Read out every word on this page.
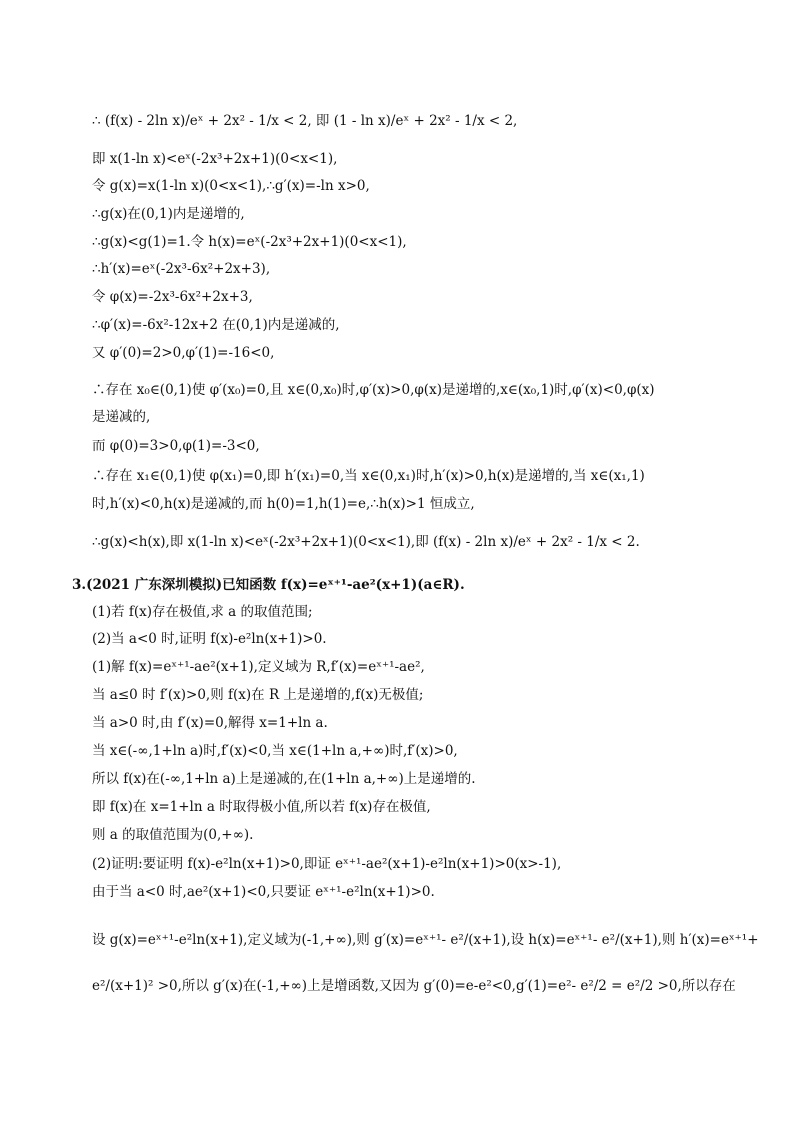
∴ (f(x) - 2ln x)/eˣ + 2x² - 1/x < 2, 即 (1 - ln x)/eˣ + 2x² - 1/x < 2,
即 x(1-ln x)<eˣ(-2x³+2x+1)(0<x<1),
令 g(x)=x(1-ln x)(0<x<1),∴g′(x)=-ln x>0,
∴g(x)在(0,1)内是递增的,
∴g(x)<g(1)=1.令 h(x)=eˣ(-2x³+2x+1)(0<x<1),
∴h′(x)=eˣ(-2x³-6x²+2x+3),
令 φ(x)=-2x³-6x²+2x+3,
∴φ′(x)=-6x²-12x+2 在(0,1)内是递减的,
又 φ′(0)=2>0,φ′(1)=-16<0,
∴存在 x₀∈(0,1)使 φ′(x₀)=0,且 x∈(0,x₀)时,φ′(x)>0,φ(x)是递增的,x∈(x₀,1)时,φ′(x)<0,φ(x)
是递减的,
而 φ(0)=3>0,φ(1)=-3<0,
∴存在 x₁∈(0,1)使 φ(x₁)=0,即 h′(x₁)=0,当 x∈(0,x₁)时,h′(x)>0,h(x)是递增的,当 x∈(x₁,1)
时,h′(x)<0,h(x)是递减的,而 h(0)=1,h(1)=e,∴h(x)>1 恒成立,
∴g(x)<h(x),即 x(1-ln x)<eˣ(-2x³+2x+1)(0<x<1),即 (f(x) - 2ln x)/eˣ + 2x² - 1/x < 2.
3.(2021 广东深圳模拟)已知函数 f(x)=eˣ⁺¹-ae²(x+1)(a∈R).
(1)若 f(x)存在极值,求 a 的取值范围;
(2)当 a<0 时,证明 f(x)-e²ln(x+1)>0.
(1)解 f(x)=eˣ⁺¹-ae²(x+1),定义域为 R,f′(x)=eˣ⁺¹-ae²,
当 a≤0 时 f′(x)>0,则 f(x)在 R 上是递增的,f(x)无极值;
当 a>0 时,由 f′(x)=0,解得 x=1+ln a.
当 x∈(-∞,1+ln a)时,f′(x)<0,当 x∈(1+ln a,+∞)时,f′(x)>0,
所以 f(x)在(-∞,1+ln a)上是递减的,在(1+ln a,+∞)上是递增的.
即 f(x)在 x=1+ln a 时取得极小值,所以若 f(x)存在极值,
则 a 的取值范围为(0,+∞).
(2)证明:要证明 f(x)-e²ln(x+1)>0,即证 eˣ⁺¹-ae²(x+1)-e²ln(x+1)>0(x>-1),
由于当 a<0 时,ae²(x+1)<0,只要证 eˣ⁺¹-e²ln(x+1)>0.
设 g(x)=eˣ⁺¹-e²ln(x+1),定义域为(-1,+∞),则 g′(x)=eˣ⁺¹- e²/(x+1),设 h(x)=eˣ⁺¹- e²/(x+1),则 h′(x)=eˣ⁺¹+
e²/(x+1)² >0,所以 g′(x)在(-1,+∞)上是增函数,又因为 g′(0)=e-e²<0,g′(1)=e²- e²/2 = e²/2 >0,所以存在
